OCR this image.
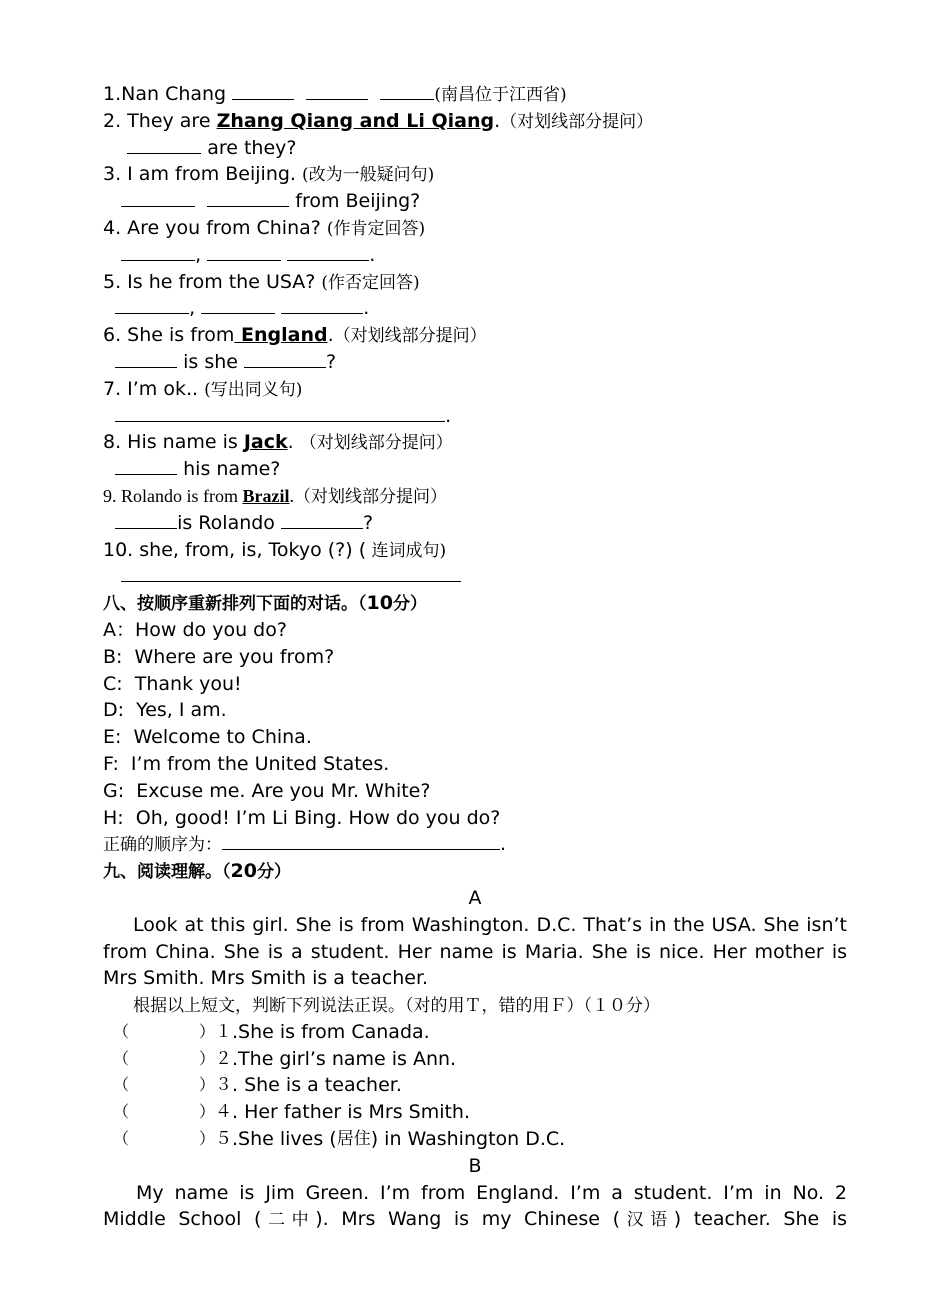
1.Nan Chang	(南昌位于江西省)
2. They are Zhang Qiang and Li Qiang.（对划线部分提问）
are they?
3. I am from Beijing. (改为一般疑问句)
from Beijing?
4. Are you from China? (作肯定回答)
,	.
5. Is he from the USA? (作否定回答)
,	.
6. She is from England.（对划线部分提问）
is she	?
7. I’m ok.. (写出同义句)
.
8. His name is Jack. （对划线部分提问）
his name?
9. Rolando is from Brazil.（对划线部分提问）
is Rolando	?
10. she, from, is, Tokyo (?) ( 连词成句)

八、按顺序重新排列下面的对话。（10分）
A：How do you do?
B:  Where are you from?
C:  Thank you!
D:  Yes, I am.
E:  Welcome to China.
F:  I’m from the United States.
G:  Excuse me. Are you Mr. White?
H:  Oh, good! I’m Li Bing. How do you do?
正确的顺序为：	.
九、阅读理解。（20分）
A
Look at this girl. She is from Washington. D.C. That’s in the USA. She isn’t from China. She is a student. Her name is Maria. She is nice. Her mother is Mrs Smith. Mrs Smith is a teacher.
根据以上短文，判断下列说法正误。（对的用Ｔ，错的用Ｆ）（１０分）
（	） １ .She is from Canada.
（	） ２ .The girl’s name is Ann.
（	） ３ . She is a teacher.
（	） ４ . Her father is Mrs Smith.
（	） ５ .She lives ( 居住 ) in Washington D.C.
B
My name is Jim Green. I’m from England. I’m a student. I’m in No. 2
Middle School (二中). Mrs Wang is my Chinese (汉语) teacher. She is
